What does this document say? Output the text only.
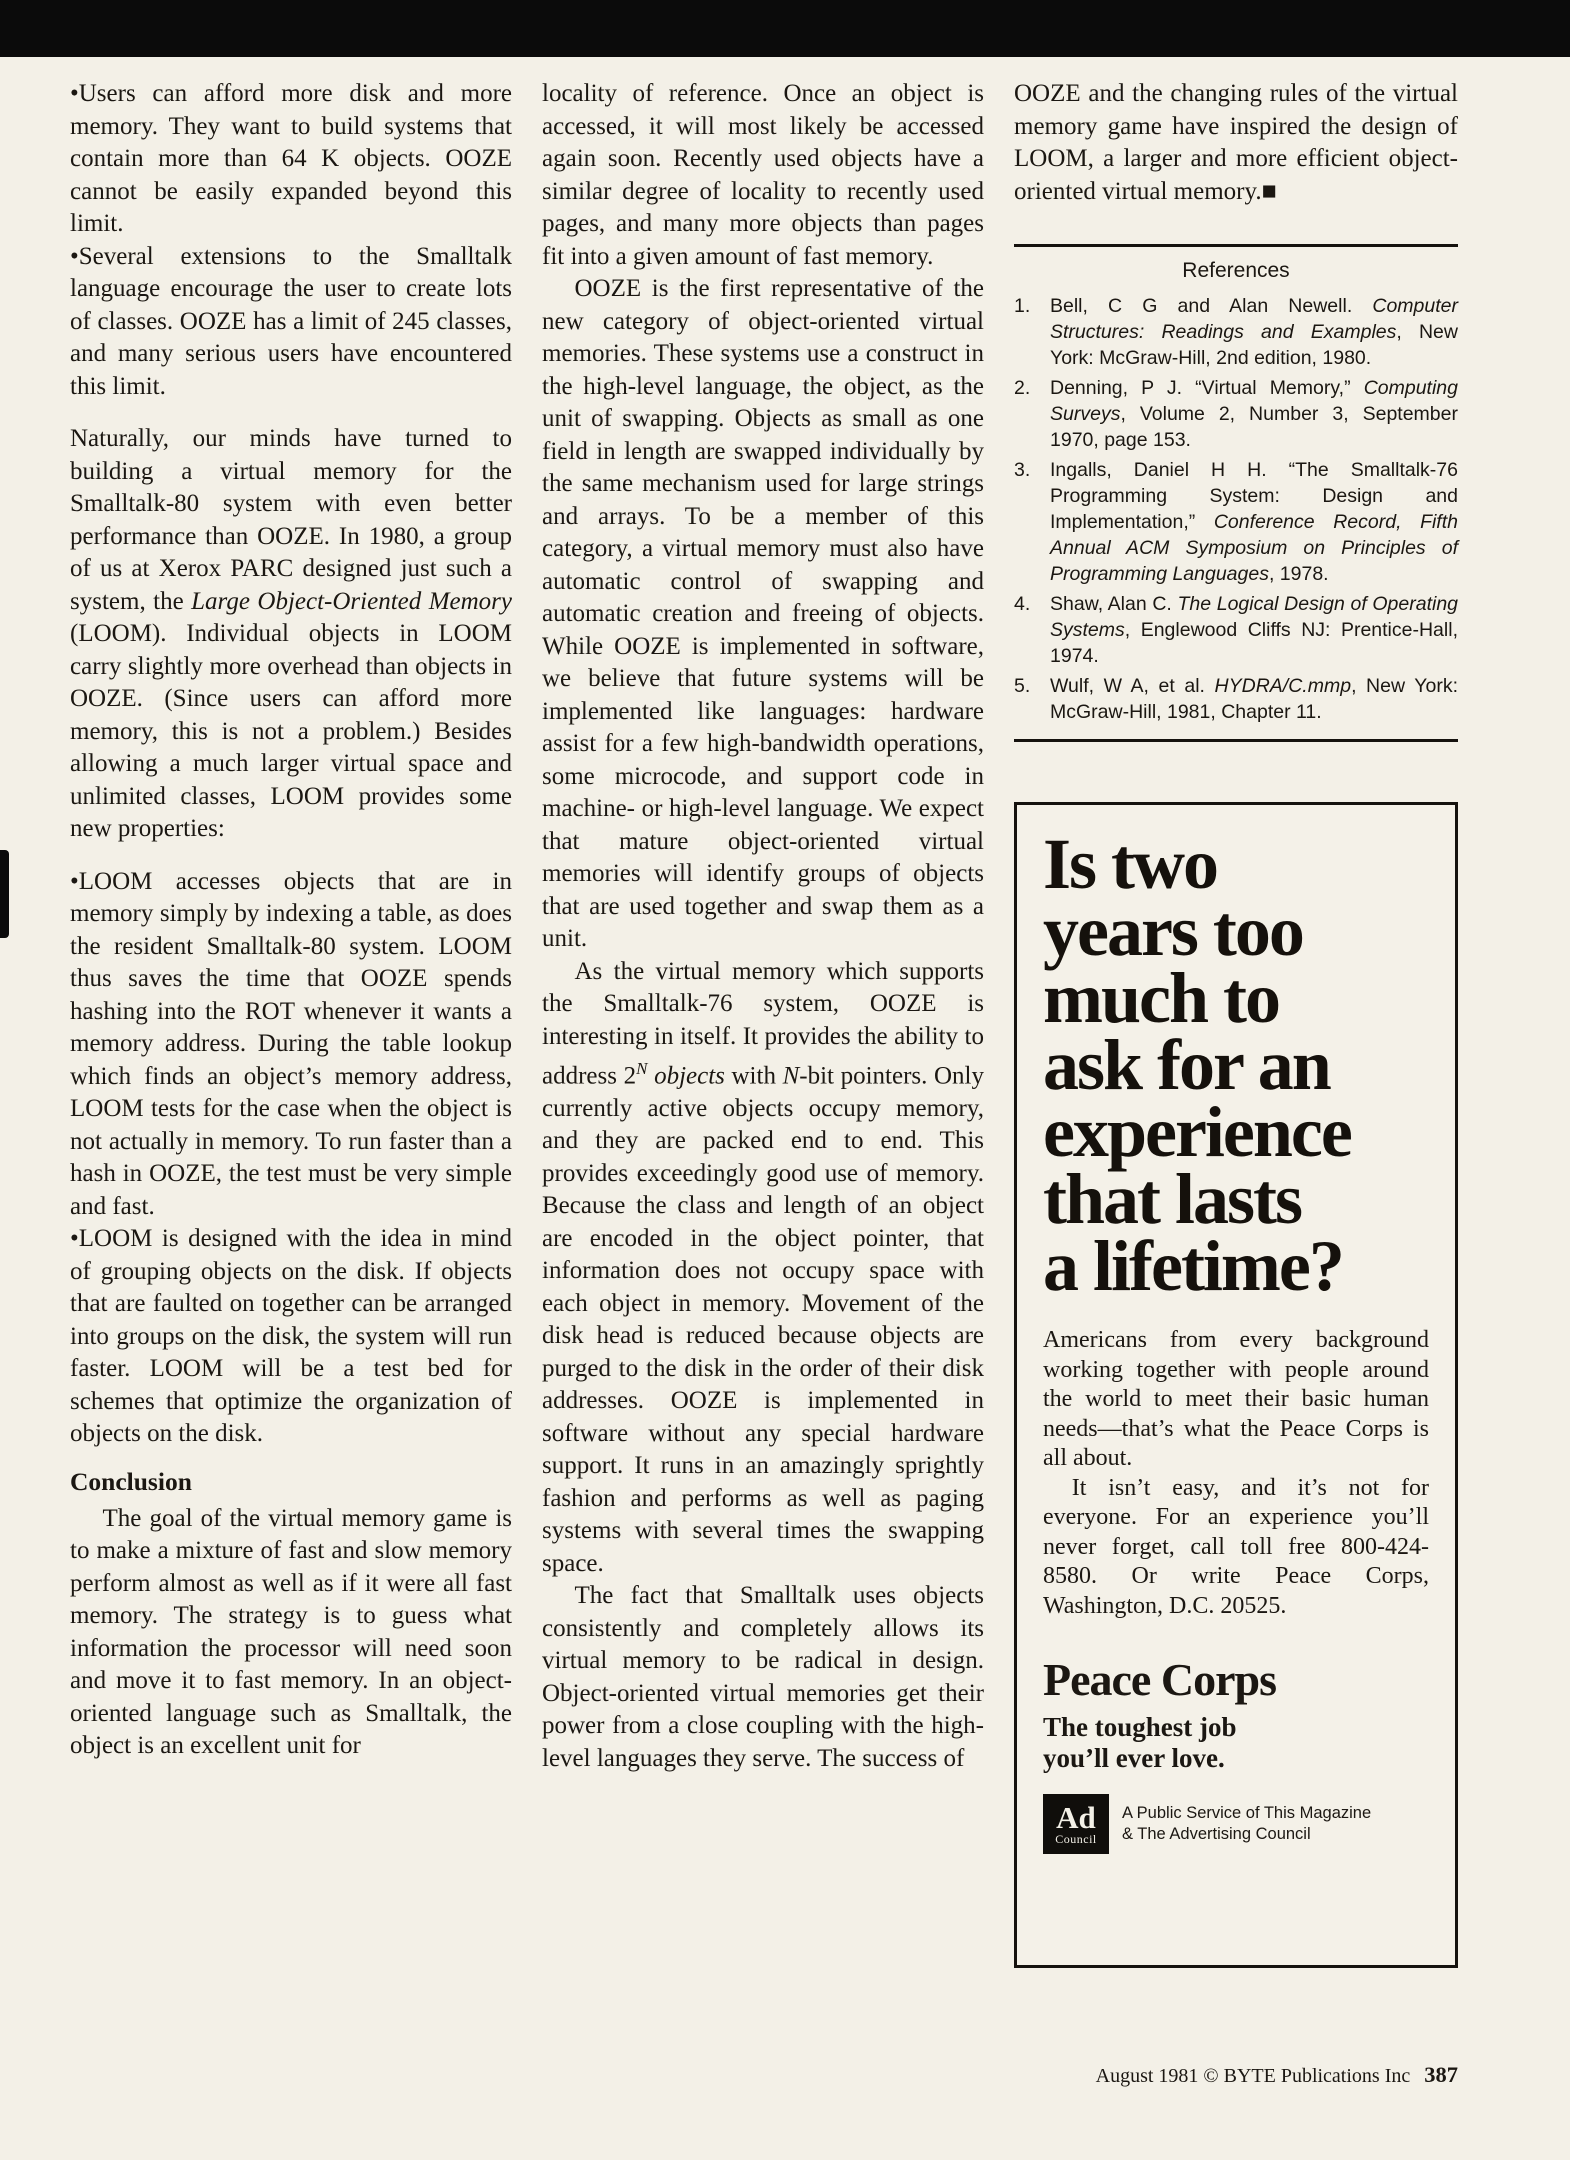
•Users can afford more disk and more memory. They want to build systems that contain more than 64 K objects. OOZE cannot be easily expanded beyond this limit.

•Several extensions to the Smalltalk language encourage the user to create lots of classes. OOZE has a limit of 245 classes, and many serious users have encountered this limit.

Naturally, our minds have turned to building a virtual memory for the Smalltalk-80 system with even better performance than OOZE. In 1980, a group of us at Xerox PARC designed just such a system, the Large Object-Oriented Memory (LOOM). Individual objects in LOOM carry slightly more overhead than objects in OOZE. (Since users can afford more memory, this is not a problem.) Besides allowing a much larger virtual space and unlimited classes, LOOM provides some new properties:

•LOOM accesses objects that are in memory simply by indexing a table, as does the resident Smalltalk-80 system. LOOM thus saves the time that OOZE spends hashing into the ROT whenever it wants a memory address. During the table lookup which finds an object’s memory address, LOOM tests for the case when the object is not actually in memory. To run faster than a hash in OOZE, the test must be very simple and fast.

•LOOM is designed with the idea in mind of grouping objects on the disk. If objects that are faulted on together can be arranged into groups on the disk, the system will run faster. LOOM will be a test bed for schemes that optimize the organization of objects on the disk.

Conclusion

The goal of the virtual memory game is to make a mixture of fast and slow memory perform almost as well as if it were all fast memory. The strategy is to guess what information the processor will need soon and move it to fast memory. In an object-oriented language such as Smalltalk, the object is an excellent unit for

locality of reference. Once an object is accessed, it will most likely be accessed again soon. Recently used objects have a similar degree of locality to recently used pages, and many more objects than pages fit into a given amount of fast memory.

OOZE is the first representative of the new category of object-oriented virtual memories. These systems use a construct in the high-level language, the object, as the unit of swapping. Objects as small as one field in length are swapped individually by the same mechanism used for large strings and arrays. To be a member of this category, a virtual memory must also have automatic control of swapping and automatic creation and freeing of objects. While OOZE is implemented in software, we believe that future systems will be implemented like languages: hardware assist for a few high-bandwidth operations, some microcode, and support code in machine- or high-level language. We expect that mature object-oriented virtual memories will identify groups of objects that are used together and swap them as a unit.

As the virtual memory which supports the Smalltalk-76 system, OOZE is interesting in itself. It provides the ability to address $2^N$ objects with N-bit pointers. Only currently active objects occupy memory, and they are packed end to end. This provides exceedingly good use of memory. Because the class and length of an object are encoded in the object pointer, that information does not occupy space with each object in memory. Movement of the disk head is reduced because objects are purged to the disk in the order of their disk addresses. OOZE is implemented in software without any special hardware support. It runs in an amazingly sprightly fashion and performs as well as paging systems with several times the swapping space.

The fact that Smalltalk uses objects consistently and completely allows its virtual memory to be radical in design. Object-oriented virtual memories get their power from a close coupling with the high-level languages they serve. The success of

OOZE and the changing rules of the virtual memory game have inspired the design of LOOM, a larger and more efficient object-oriented virtual memory.■

References
1. Bell, C G and Alan Newell. Computer Structures: Readings and Examples, New York: McGraw-Hill, 2nd edition, 1980.
2. Denning, P J. “Virtual Memory,” Computing Surveys, Volume 2, Number 3, September 1970, page 153.
3. Ingalls, Daniel H H. “The Smalltalk-76 Programming System: Design and Implementation,” Conference Record, Fifth Annual ACM Symposium on Principles of Programming Languages, 1978.
4. Shaw, Alan C. The Logical Design of Operating Systems, Englewood Cliffs NJ: Prentice-Hall, 1974.
5. Wulf, W A, et al. HYDRA/C.mmp, New York: McGraw-Hill, 1981, Chapter 11.
Is two
years too
much to
ask for an
experience
that lasts
a lifetime?

Americans from every background working together with people around the world to meet their basic human needs—that’s what the Peace Corps is all about.

It isn’t easy, and it’s not for everyone. For an experience you’ll never forget, call toll free 800-424-8580. Or write Peace Corps, Washington, D.C. 20525.

Peace Corps
The toughest job
you’ll ever love.
Ad
Council
A Public Service of This Magazine
& The Advertising Council
August 1981 © BYTE Publications Inc 387
